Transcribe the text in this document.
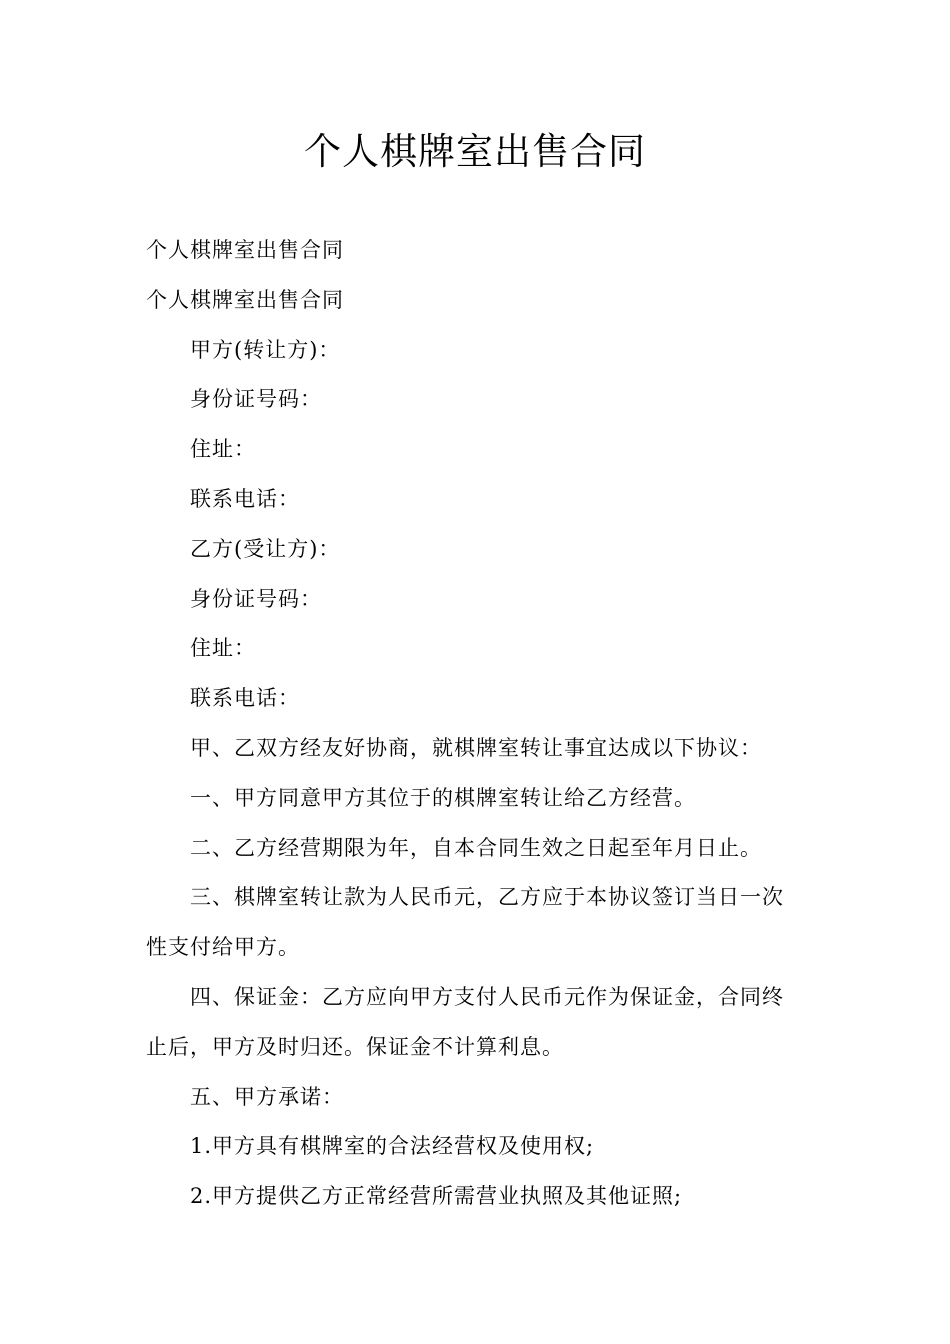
个人棋牌室出售合同
个人棋牌室出售合同
个人棋牌室出售合同
甲方(转让方)：
身份证号码：
住址：
联系电话：
乙方(受让方)：
身份证号码：
住址：
联系电话：
甲、乙双方经友好协商，就棋牌室转让事宜达成以下协议：
一、甲方同意甲方其位于的棋牌室转让给乙方经营。
二、乙方经营期限为年，自本合同生效之日起至年月日止。
三、棋牌室转让款为人民币元，乙方应于本协议签订当日一次
性支付给甲方。
四、保证金：乙方应向甲方支付人民币元作为保证金，合同终
止后，甲方及时归还。保证金不计算利息。
五、甲方承诺：
1.甲方具有棋牌室的合法经营权及使用权;
2.甲方提供乙方正常经营所需营业执照及其他证照;
